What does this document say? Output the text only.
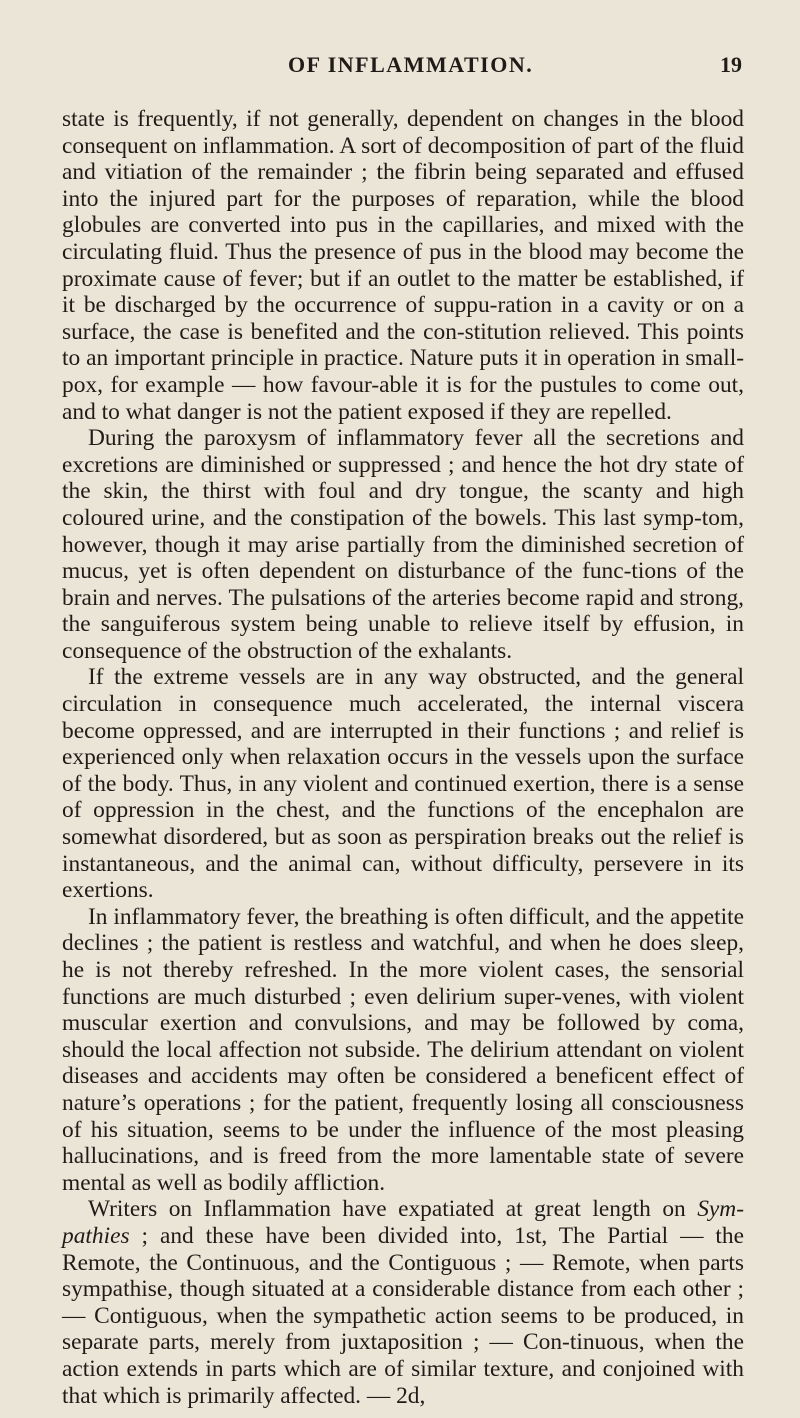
OF INFLAMMATION.	19

state is frequently, if not generally, dependent on changes in the blood consequent on inflammation. A sort of decomposition of part of the fluid and vitiation of the remainder ; the fibrin being separated and effused into the injured part for the purposes of reparation, while the blood globules are converted into pus in the capillaries, and mixed with the circulating fluid. Thus the presence of pus in the blood may become the proximate cause of fever; but if an outlet to the matter be established, if it be discharged by the occurrence of suppu-ration in a cavity or on a surface, the case is benefited and the con-stitution relieved. This points to an important principle in practice. Nature puts it in operation in small-pox, for example — how favour-able it is for the pustules to come out, and to what danger is not the patient exposed if they are repelled.

During the paroxysm of inflammatory fever all the secretions and excretions are diminished or suppressed ; and hence the hot dry state of the skin, the thirst with foul and dry tongue, the scanty and high coloured urine, and the constipation of the bowels. This last symp-tom, however, though it may arise partially from the diminished secretion of mucus, yet is often dependent on disturbance of the func-tions of the brain and nerves. The pulsations of the arteries become rapid and strong, the sanguiferous system being unable to relieve itself by effusion, in consequence of the obstruction of the exhalants.

If the extreme vessels are in any way obstructed, and the general circulation in consequence much accelerated, the internal viscera become oppressed, and are interrupted in their functions ; and relief is experienced only when relaxation occurs in the vessels upon the surface of the body. Thus, in any violent and continued exertion, there is a sense of oppression in the chest, and the functions of the encephalon are somewhat disordered, but as soon as perspiration breaks out the relief is instantaneous, and the animal can, without difficulty, persevere in its exertions.

In inflammatory fever, the breathing is often difficult, and the appetite declines ; the patient is restless and watchful, and when he does sleep, he is not thereby refreshed. In the more violent cases, the sensorial functions are much disturbed ; even delirium super-venes, with violent muscular exertion and convulsions, and may be followed by coma, should the local affection not subside. The delirium attendant on violent diseases and accidents may often be considered a beneficent effect of nature’s operations ; for the patient, frequently losing all consciousness of his situation, seems to be under the influence of the most pleasing hallucinations, and is freed from the more lamentable state of severe mental as well as bodily affliction.

Writers on Inflammation have expatiated at great length on Sym-pathies ; and these have been divided into, 1st, The Partial — the Remote, the Continuous, and the Contiguous ; — Remote, when parts sympathise, though situated at a considerable distance from each other ; — Contiguous, when the sympathetic action seems to be produced, in separate parts, merely from juxtaposition ; — Con-tinuous, when the action extends in parts which are of similar texture, and conjoined with that which is primarily affected. — 2d,
